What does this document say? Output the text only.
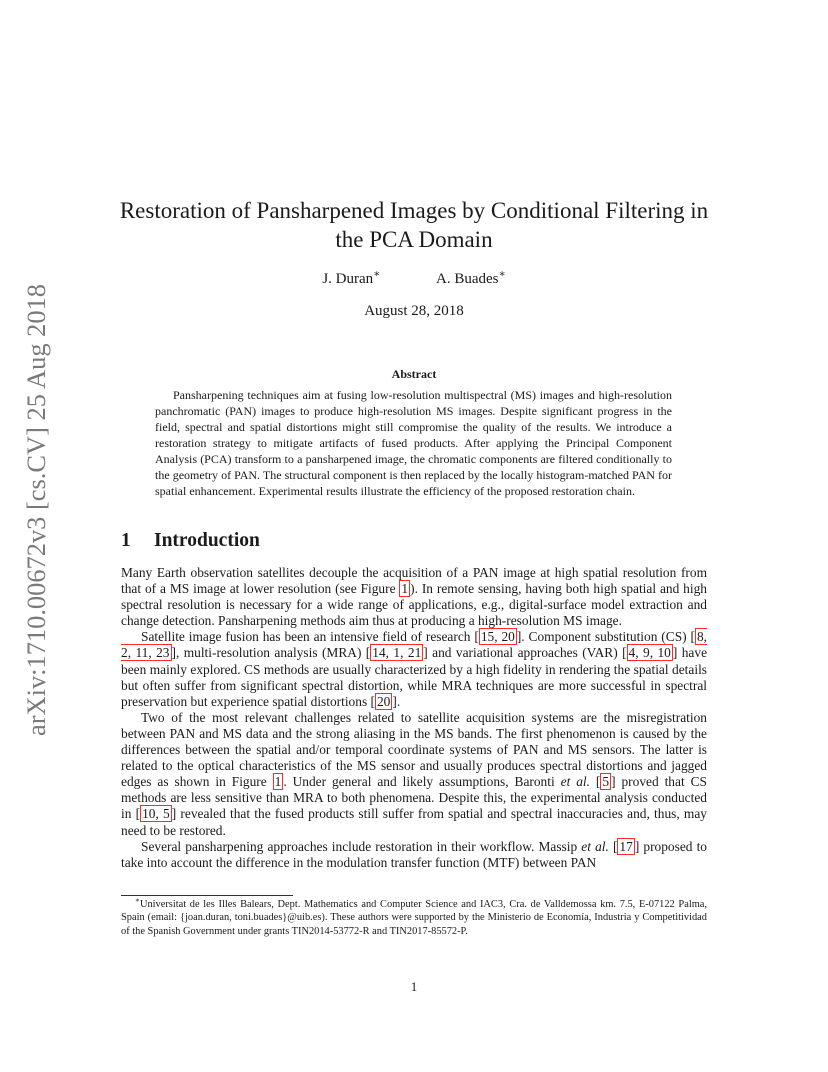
arXiv:1710.00672v3 [cs.CV] 25 Aug 2018
Restoration of Pansharpened Images by Conditional Filtering in the PCA Domain
J. Duran∗	A. Buades∗
August 28, 2018
Abstract
Pansharpening techniques aim at fusing low-resolution multispectral (MS) images and high-resolution panchromatic (PAN) images to produce high-resolution MS images. Despite significant progress in the field, spectral and spatial distortions might still compromise the quality of the results. We introduce a restoration strategy to mitigate artifacts of fused products. After applying the Principal Component Analysis (PCA) transform to a pansharpened image, the chromatic components are filtered conditionally to the geometry of PAN. The structural component is then replaced by the locally histogram-matched PAN for spatial enhancement. Experimental results illustrate the efficiency of the proposed restoration chain.
1 Introduction

Many Earth observation satellites decouple the acquisition of a PAN image at high spatial resolution from that of a MS image at lower resolution (see Figure 1 ). In remote sensing, having both high spatial and high spectral resolution is necessary for a wide range of applications, e.g., digital-surface model extraction and change detection. Pansharpening methods aim thus at producing a high-resolution MS image.

Satellite image fusion has been an intensive field of research [ 15, 20 ]. Component substitution (CS) [ 8, 2, 11, 23 ], multi-resolution analysis (MRA) [ 14, 1, 21 ] and variational approaches (VAR) [ 4, 9, 10 ] have been mainly explored. CS methods are usually characterized by a high fidelity in rendering the spatial details but often suffer from significant spectral distortion, while MRA techniques are more successful in spectral preservation but experience spatial distortions [ 20 ].

Two of the most relevant challenges related to satellite acquisition systems are the misregistration between PAN and MS data and the strong aliasing in the MS bands. The first phenomenon is caused by the differences between the spatial and/or temporal coordinate systems of PAN and MS sensors. The latter is related to the optical characteristics of the MS sensor and usually produces spectral distortions and jagged edges as shown in Figure 1 . Under general and likely assumptions, Baronti et al. [ 5 ] proved that CS methods are less sensitive than MRA to both phenomena. Despite this, the experimental analysis conducted in [ 10, 5 ] revealed that the fused products still suffer from spatial and spectral inaccuracies and, thus, may need to be restored.

Several pansharpening approaches include restoration in their workflow. Massip et al. [ 17 ] proposed to take into account the difference in the modulation transfer function (MTF) between PAN

∗Universitat de les Illes Balears, Dept. Mathematics and Computer Science and IAC3, Cra. de Valldemossa km. 7.5, E-07122 Palma, Spain (email: {joan.duran, toni.buades}@uib.es). These authors were supported by the Ministerio de Economía, Industria y Competitividad of the Spanish Government under grants TIN2014-53772-R and TIN2017-85572-P.
1
